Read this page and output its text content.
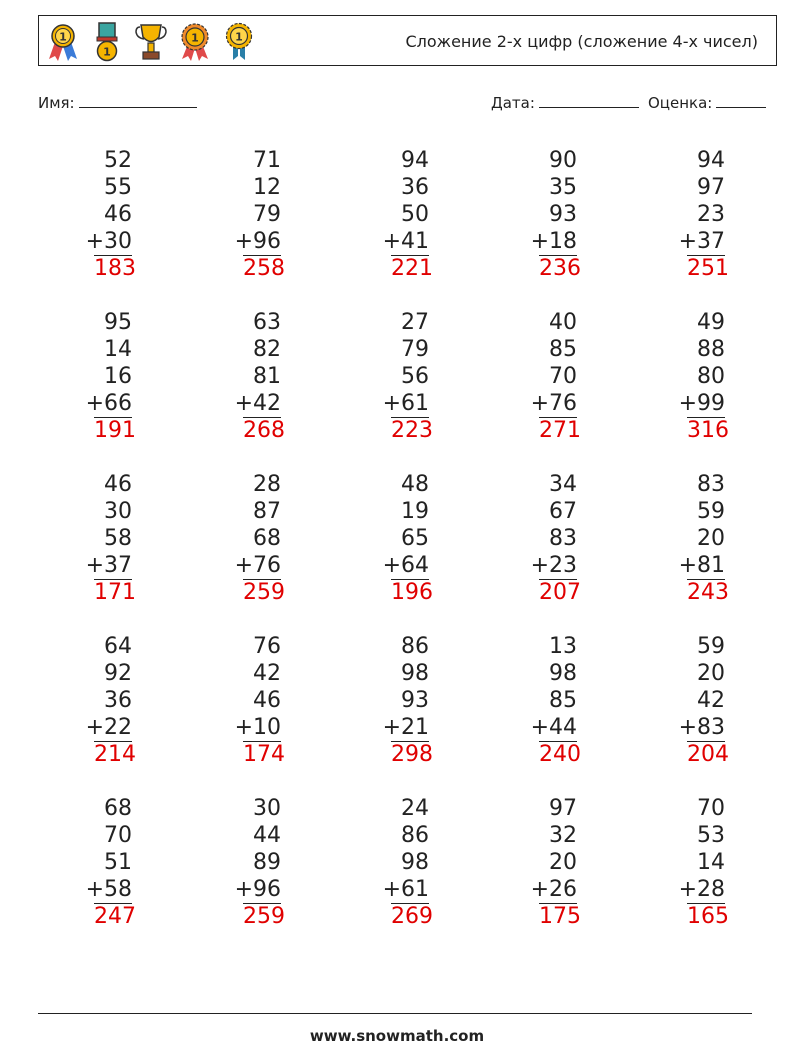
1
1
1	1	Сложение 2-х цифр (сложение 4-х чисел)
Имя:	Дата:	Оценка:
52
55
46
+30
183
71
12
79
+96
258
94
36
50
+41
221
90
35
93
+18
236
94
97
23
+37
251
95
14
16
+66
191
63
82
81
+42
268
27
79
56
+61
223
40
85
70
+76
271
49
88
80
+99
316
46
30
58
+37
171
28
87
68
+76
259
48
19
65
+64
196
34
67
83
+23
207
83
59
20
+81
243
64
92
36
+22
214
76
42
46
+10
174
86
98
93
+21
298
13
98
85
+44
240
59
20
42
+83
204
68
70
51
+58
247
30
44
89
+96
259
24
86
98
+61
269
97
32
20
+26
175
70
53
14
+28
165
www.snowmath.com
